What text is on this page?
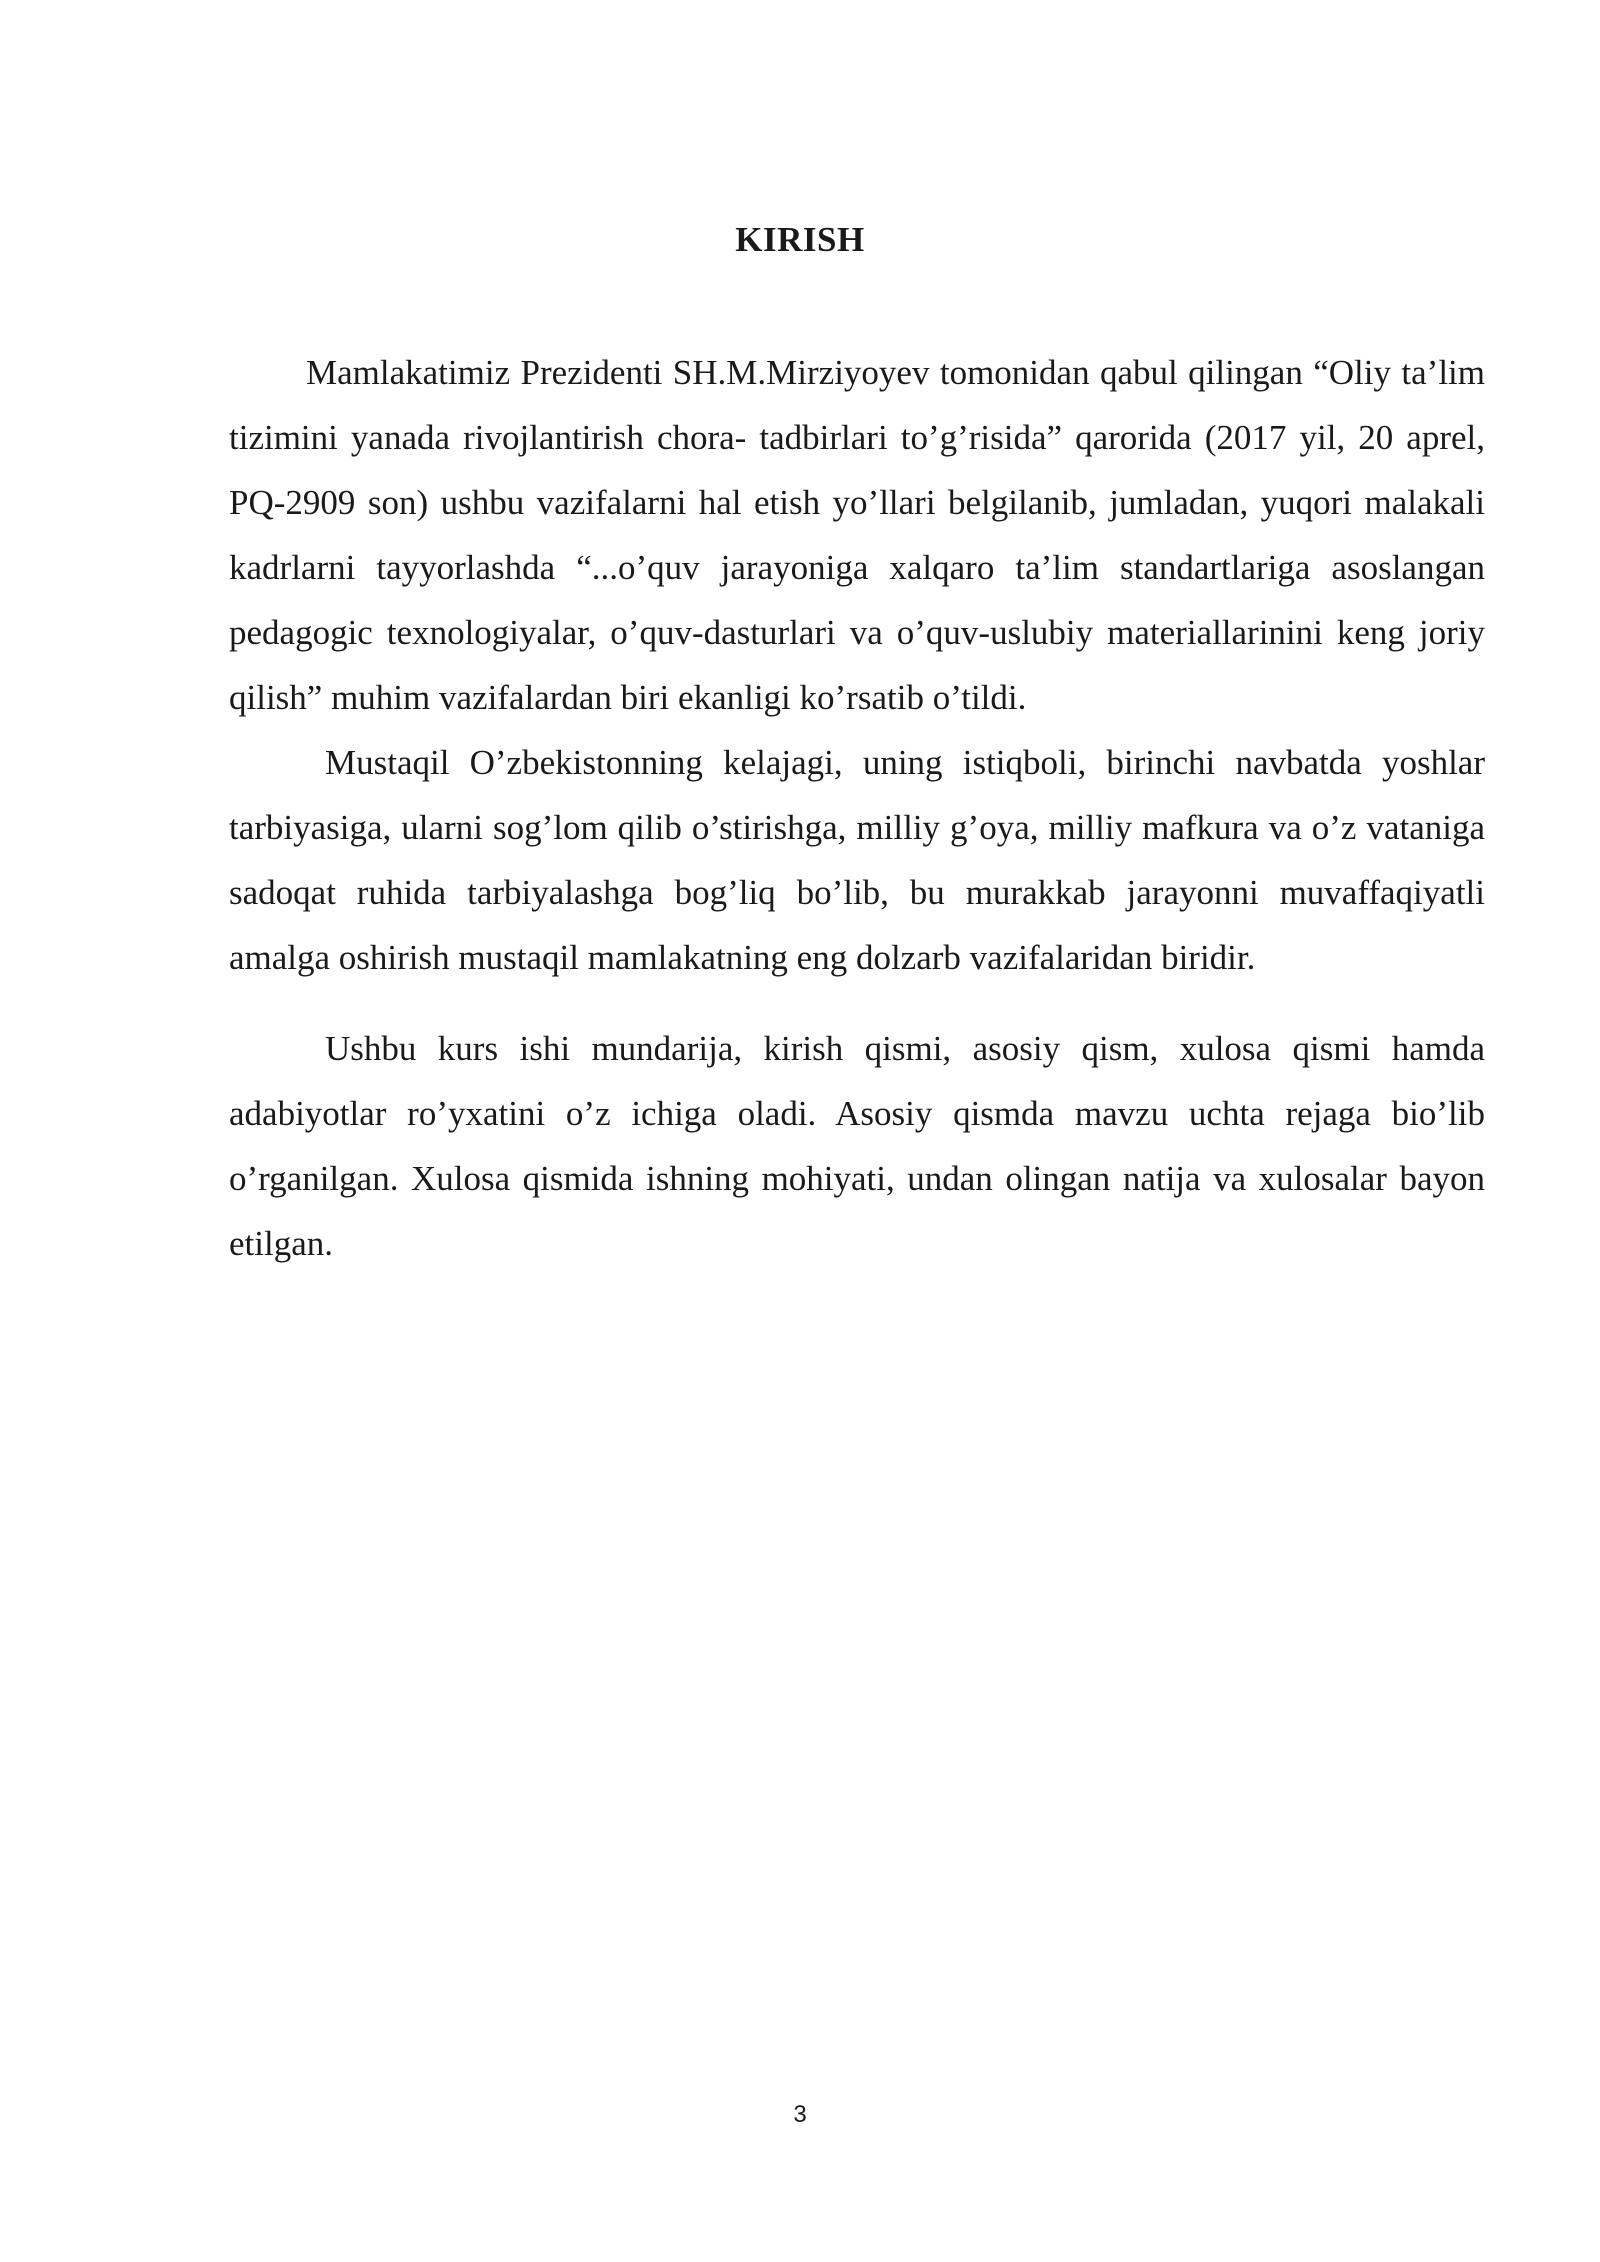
KIRISH

Mamlakatimiz Prezidenti SH.M.Mirziyoyev tomonidan qabul qilingan “Oliy ta’lim tizimini yanada rivojlantirish chora- tadbirlari to’g’risida” qarorida (2017 yil, 20 aprel, PQ-2909 son) ushbu vazifalarni hal etish yo’llari belgilanib, jumladan, yuqori malakali kadrlarni tayyorlashda “...o’quv jarayoniga xalqaro ta’lim standartlariga asoslangan pedagogic texnologiyalar, o’quv-dasturlari va o’quv-uslubiy materiallarinini keng joriy qilish” muhim vazifalardan biri ekanligi ko’rsatib o’tildi.

Mustaqil O’zbekistonning kelajagi, uning istiqboli, birinchi navbatda yoshlar tarbiyasiga, ularni sog’lom qilib o’stirishga, milliy g’oya, milliy mafkura va o’z vataniga sadoqat ruhida tarbiyalashga bog’liq bo’lib, bu murakkab jarayonni muvaffaqiyatli amalga oshirish mustaqil mamlakatning eng dolzarb vazifalaridan biridir.

Ushbu kurs ishi mundarija, kirish qismi, asosiy qism, xulosa qismi hamda adabiyotlar ro’yxatini o’z ichiga oladi. Asosiy qismda mavzu uchta rejaga bio’lib o’rganilgan. Xulosa qismida ishning mohiyati, undan olingan natija va xulosalar bayon etilgan.

3
